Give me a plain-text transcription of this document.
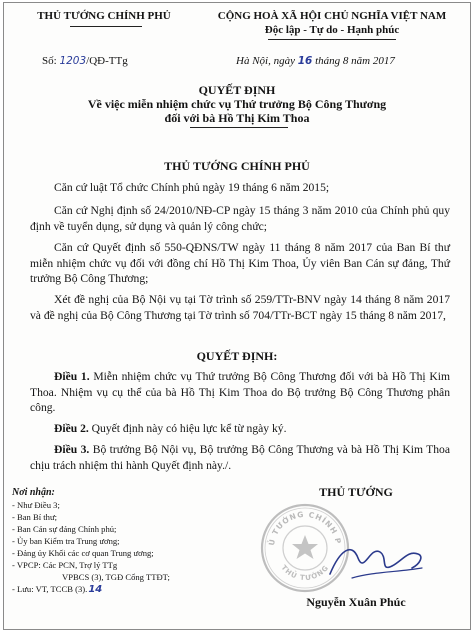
THỦ TƯỚNG CHÍNH PHỦ	CỘNG HOÀ XÃ HỘI CHỦ NGHĨA VIỆT NAM
Độc lập - Tự do - Hạnh phúc
Số: 1203/QĐ-TTg	Hà Nội, ngày 16 tháng 8 năm 2017
QUYẾT ĐỊNH
Về việc miễn nhiệm chức vụ Thứ trưởng Bộ Công Thương
đối với bà Hồ Thị Kim Thoa
THỦ TƯỚNG CHÍNH PHỦ
Căn cứ luật Tổ chức Chính phủ ngày 19 tháng 6 năm 2015;
Căn cứ Nghị định số 24/2010/NĐ-CP ngày 15 tháng 3 năm 2010 của Chính phủ quy định về tuyển dụng, sử dụng và quản lý công chức;
Căn cứ Quyết định số 550-QĐNS/TW ngày 11 tháng 8 năm 2017 của Ban Bí thư miễn nhiệm chức vụ đối với đồng chí Hồ Thị Kim Thoa, Ủy viên Ban Cán sự đảng, Thứ trưởng Bộ Công Thương;
Xét đề nghị của Bộ Nội vụ tại Tờ trình số 259/TTr-BNV ngày 14 tháng 8 năm 2017 và đề nghị của Bộ Công Thương tại Tờ trình số 704/TTr-BCT ngày 15 tháng 8 năm 2017,
QUYẾT ĐỊNH:
Điều 1. Miễn nhiệm chức vụ Thứ trưởng Bộ Công Thương đối với bà Hồ Thị Kim Thoa. Nhiệm vụ cụ thể của bà Hồ Thị Kim Thoa do Bộ trưởng Bộ Công Thương phân công.
Điều 2. Quyết định này có hiệu lực kể từ ngày ký.
Điều 3. Bộ trưởng Bộ Nội vụ, Bộ trưởng Bộ Công Thương và bà Hồ Thị Kim Thoa chịu trách nhiệm thi hành Quyết định này./.
Nơi nhận:
- Như Điều 3;
- Ban Bí thư;
- Ban Cán sự đảng Chính phủ;
- Ủy ban Kiểm tra Trung ương;
- Đảng ủy Khối các cơ quan Trung ương;
- VPCP: Các PCN, Trợ lý TTg
VPBCS (3), TGĐ Cổng TTĐT;
- Lưu: VT, TCCB (3).14
THỦ TƯỚNG
Ủ TƯỚNG CHÍNH P
THỦ TƯỚNG
Nguyễn Xuân Phúc
